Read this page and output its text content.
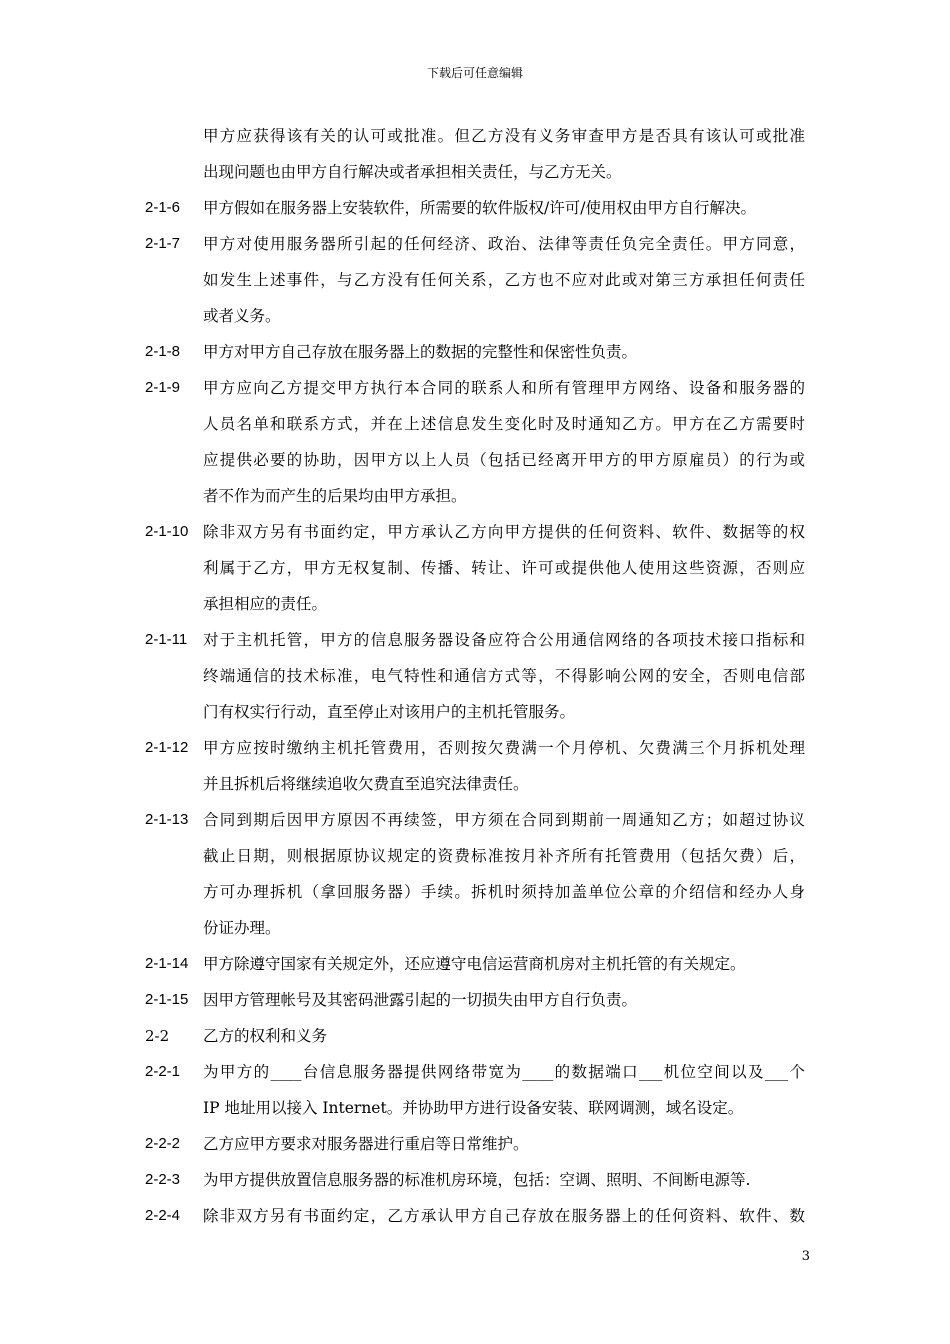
下载后可任意编辑
甲方应获得该有关的认可或批准。但乙方没有义务审查甲方是否具有该认可或批准
出现问题也由甲方自行解决或者承担相关责任，与乙方无关。
2-1-6 甲方假如在服务器上安装软件，所需要的软件版权/许可/使用权由甲方自行解决。
2-1-7 甲方对使用服务器所引起的任何经济、政治、法律等责任负完全责任。甲方同意，
如发生上述事件，与乙方没有任何关系，乙方也不应对此或对第三方承担任何责任
或者义务。
2-1-8 甲方对甲方自己存放在服务器上的数据的完整性和保密性负责。
2-1-9 甲方应向乙方提交甲方执行本合同的联系人和所有管理甲方网络、设备和服务器的
人员名单和联系方式，并在上述信息发生变化时及时通知乙方。甲方在乙方需要时
应提供必要的协助，因甲方以上人员（包括已经离开甲方的甲方原雇员）的行为或
者不作为而产生的后果均由甲方承担。
2-1-10 除非双方另有书面约定，甲方承认乙方向甲方提供的任何资料、软件、数据等的权
利属于乙方，甲方无权复制、传播、转让、许可或提供他人使用这些资源，否则应
承担相应的责任。
2-1-11 对于主机托管，甲方的信息服务器设备应符合公用通信网络的各项技术接口指标和
终端通信的技术标准，电气特性和通信方式等，不得影响公网的安全，否则电信部
门有权实行行动，直至停止对该用户的主机托管服务。
2-1-12 甲方应按时缴纳主机托管费用，否则按欠费满一个月停机、欠费满三个月拆机处理
并且拆机后将继续追收欠费直至追究法律责任。
2-1-13 合同到期后因甲方原因不再续签，甲方须在合同到期前一周通知乙方；如超过协议
截止日期，则根据原协议规定的资费标准按月补齐所有托管费用（包括欠费）后，
方可办理拆机（拿回服务器）手续。拆机时须持加盖单位公章的介绍信和经办人身
份证办理。
2-1-14 甲方除遵守国家有关规定外，还应遵守电信运营商机房对主机托管的有关规定。
2-1-15 因甲方管理帐号及其密码泄露引起的一切损失由甲方自行负责。
2-2 乙方的权利和义务
2-2-1 为甲方的____台信息服务器提供网络带宽为____的数据端口___机位空间以及___个
IP 地址用以接入 Internet。并协助甲方进行设备安装、联网调测，域名设定。
2-2-2 乙方应甲方要求对服务器进行重启等日常维护。
2-2-3 为甲方提供放置信息服务器的标准机房环境，包括：空调、照明、不间断电源等.
2-2-4 除非双方另有书面约定，乙方承认甲方自己存放在服务器上的任何资料、软件、数
3
